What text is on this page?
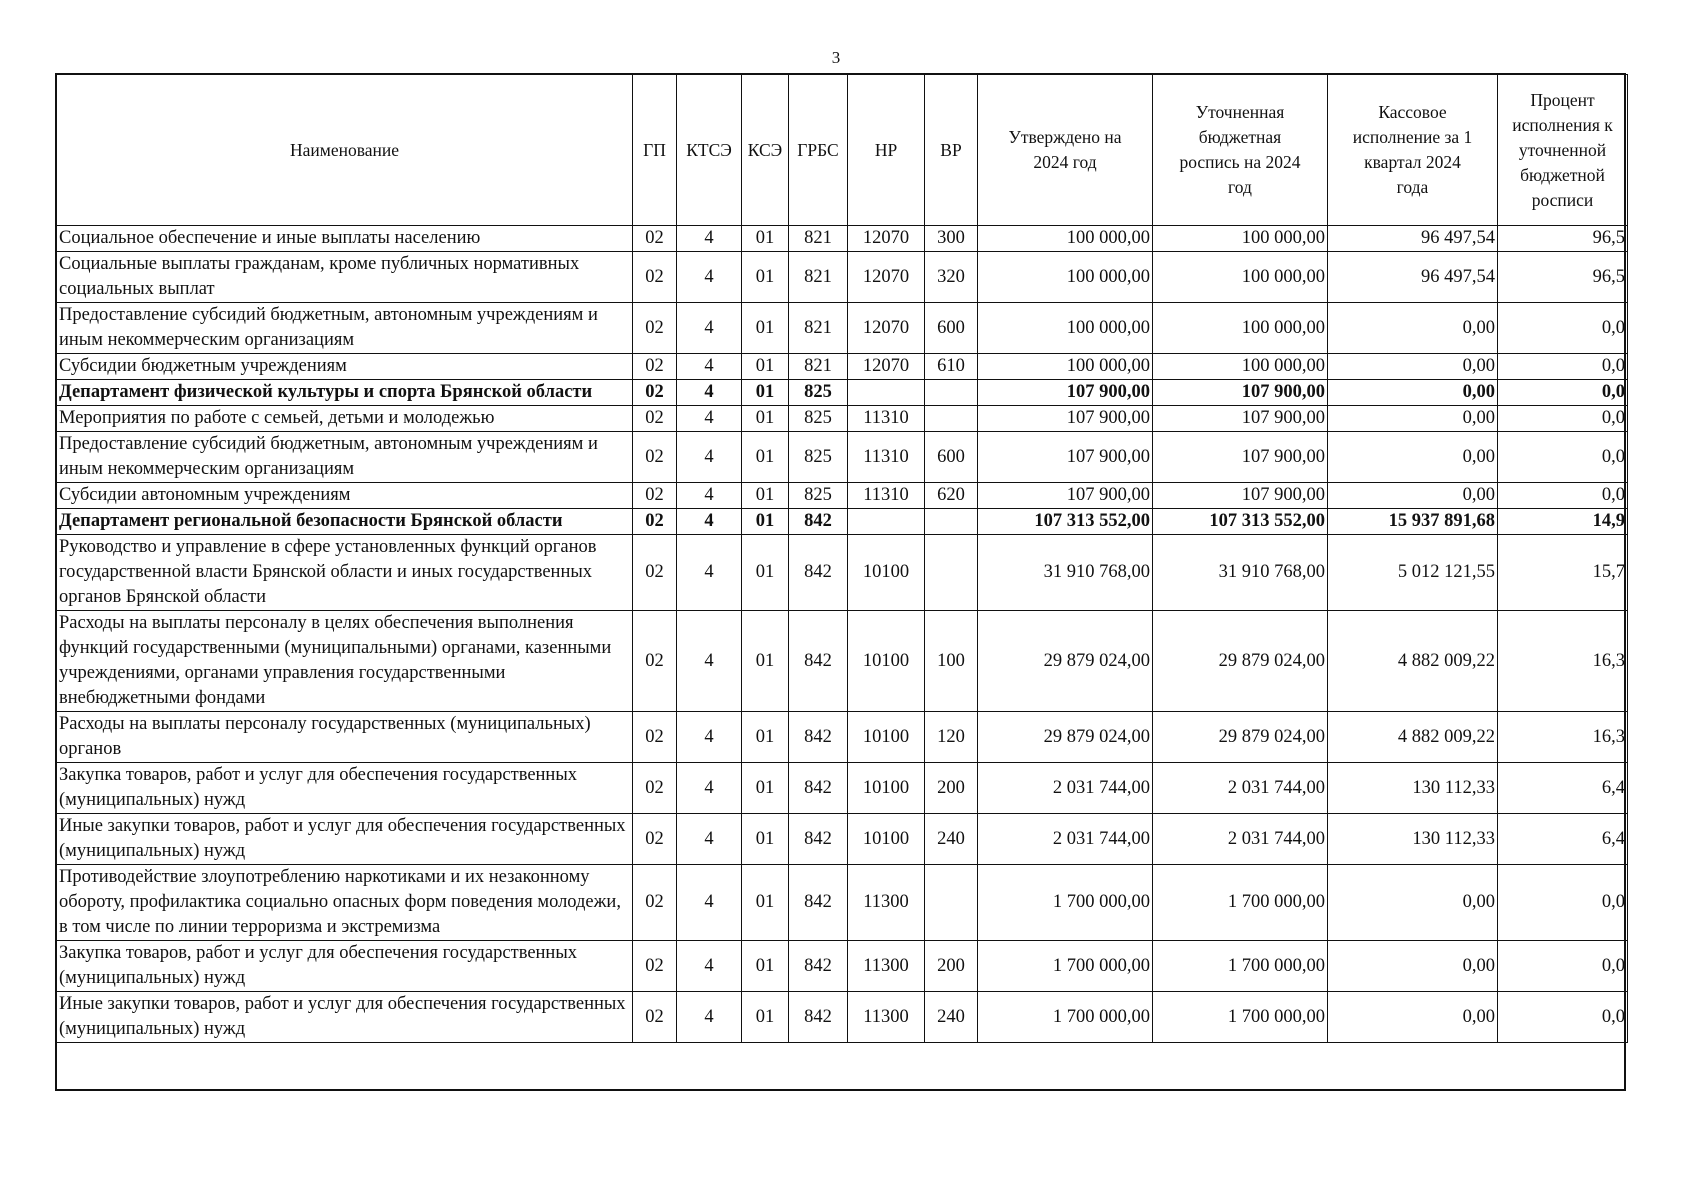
3
Наименование	ГП	КТСЭ	КСЭ	ГРБС	НР	ВР	Утверждено на 2024 год	Уточненная бюджетная роспись на 2024 год	Кассовое исполнение за 1 квартал 2024 года	Процент исполнения к уточненной бюджетной росписи
Социальное обеспечение и иные выплаты населению	02	4	01	821	12070	300	100 000,00	100 000,00	96 497,54	96,5
Социальные выплаты гражданам, кроме публичных нормативных социальных выплат	02	4	01	821	12070	320	100 000,00	100 000,00	96 497,54	96,5
Предоставление субсидий бюджетным, автономным учреждениям и иным некоммерческим организациям	02	4	01	821	12070	600	100 000,00	100 000,00	0,00	0,0
Субсидии бюджетным учреждениям	02	4	01	821	12070	610	100 000,00	100 000,00	0,00	0,0
Департамент физической культуры и спорта Брянской области	02	4	01	825			107 900,00	107 900,00	0,00	0,0
Мероприятия по работе с семьей, детьми и молодежью	02	4	01	825	11310		107 900,00	107 900,00	0,00	0,0
Предоставление субсидий бюджетным, автономным учреждениям и иным некоммерческим организациям	02	4	01	825	11310	600	107 900,00	107 900,00	0,00	0,0
Субсидии автономным учреждениям	02	4	01	825	11310	620	107 900,00	107 900,00	0,00	0,0
Департамент региональной безопасности Брянской области	02	4	01	842			107 313 552,00	107 313 552,00	15 937 891,68	14,9
Руководство и управление в сфере установленных функций органов государственной власти Брянской области и иных государственных органов Брянской области	02	4	01	842	10100		31 910 768,00	31 910 768,00	5 012 121,55	15,7
Расходы на выплаты персоналу в целях обеспечения выполнения функций государственными (муниципальными) органами, казенными учреждениями, органами управления государственными внебюджетными фондами	02	4	01	842	10100	100	29 879 024,00	29 879 024,00	4 882 009,22	16,3
Расходы на выплаты персоналу государственных (муниципальных) органов	02	4	01	842	10100	120	29 879 024,00	29 879 024,00	4 882 009,22	16,3
Закупка товаров, работ и услуг для обеспечения государственных (муниципальных) нужд	02	4	01	842	10100	200	2 031 744,00	2 031 744,00	130 112,33	6,4
Иные закупки товаров, работ и услуг для обеспечения государственных (муниципальных) нужд	02	4	01	842	10100	240	2 031 744,00	2 031 744,00	130 112,33	6,4
Противодействие злоупотреблению наркотиками и их незаконному обороту, профилактика социально опасных форм поведения молодежи, в том числе по линии терроризма и экстремизма	02	4	01	842	11300		1 700 000,00	1 700 000,00	0,00	0,0
Закупка товаров, работ и услуг для обеспечения государственных (муниципальных) нужд	02	4	01	842	11300	200	1 700 000,00	1 700 000,00	0,00	0,0
Иные закупки товаров, работ и услуг для обеспечения государственных (муниципальных) нужд	02	4	01	842	11300	240	1 700 000,00	1 700 000,00	0,00	0,0
